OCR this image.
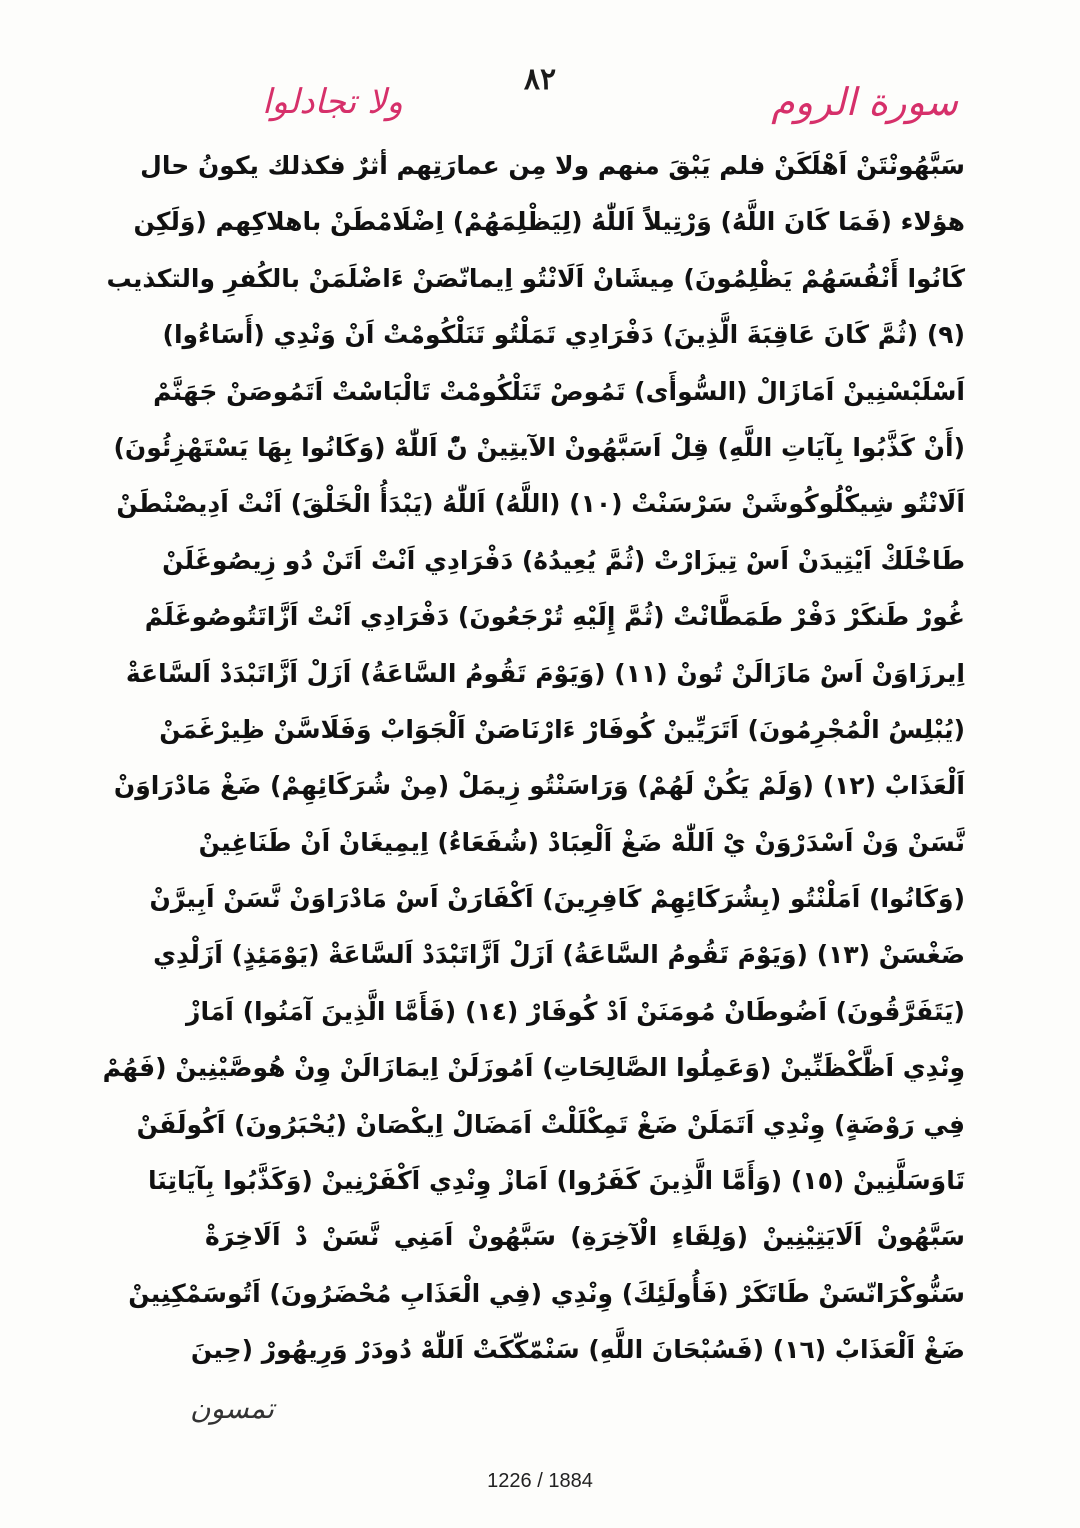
٨٢
سورة الروم
ولا تجادلوا
سَبَّهُونْتَنْ اَهْلَكَنْ فلم يَبْقَ منهم ولا مِن عمارَتِهم أثرٌ فكذلك يكونُ حال
هؤلاء (فَمَا كَانَ اللَّهُ) وَرْتِيلاً اَللّٰهُ (لِيَظْلِمَهُمْ) اِضْلَامْطَنْ باهلاكِهم (وَلَكِن
كَانُوا أَنْفُسَهُمْ يَظْلِمُونَ) مِيشَانْ اَلَانْتُو اِيمانّصَنْ ءَاضْلَمَنْ بالكُفرِ والتكذيب
(٩) (ثُمَّ كَانَ عَاقِبَةَ الَّذِينَ) دَفْرَادِي تَمَلْتُو تَنَلْكُومْتْ اَنْ وَنْدِي (أَسَاءُوا)
اَسْلَبْسْنِينْ اَمَازَالْ (السُّوأَى) تَمُوصْ تَنَلْكُومْتْ تَالْبَاسْتْ اَتَمُوصَنْ جَهَنَّمْ
(أَنْ كَذَّبُوا بِآيَاتِ اللَّهِ) قِلْ اَسَبَّهُونْ الآيتِينْ نّْ اَللّٰهْ (وَكَانُوا بِهَا يَسْتَهْزِئُونَ)
اَلَانْتُو شِيكْلُوكُوشَنْ سَرْسَنْتْ (١٠) (اللَّهُ) اَللّٰهُ (يَبْدَأُ الْخَلْقَ) اَنْتْ اَدِيصْنْطَنْ
طَاخْلَكْ اَيْتِيدَنْ اَسْ تِيزَارْتْ (ثُمَّ يُعِيدُهُ) دَفْرَادِي اَنْتْ اَتَنْ دُو زِيصُوغَلَنْ
غُورْ طَنكَرْ دَفْرْ طَمَطَّانْتْ (ثُمَّ إِلَيْهِ تُرْجَعُونَ) دَفْرَادِي اَنْتْ اَزَّاتَتُوصُوغَلَمْ
اِيرزَاوَنْ اَسْ مَازَالَنْ تُونْ (١١) (وَيَوْمَ تَقُومُ السَّاعَةُ) اَزَلْ اَزَّاتَبْدَدْ اَلسَّاعَةْ
(يُبْلِسُ الْمُجْرِمُونَ) اَتَرَيِّينْ كُوفَارْ ءَارْنَاصَنْ اَلْجَوَابْ وَفَلَاسَّنْ ظِيرْغَمَنْ
اَلْعَذَابْ (١٢) (وَلَمْ يَكُنْ لَهُمْ) وَرَاسَنْتُو زِيمَلْ (مِنْ شُرَكَائِهِمْ) ضَغْ مَادْرَاوَنْ
نَّسَنْ وَنْ اَسْدَرْوَنْ يْ اَللّٰهْ ضَغْ اَلْعِبَادْ (شُفَعَاءُ) اِيمِيغَانْ اَنْ طَنَاغِينْ
(وَكَانُوا) اَمَلْنْتُو (بِشُرَكَائِهِمْ كَافِرِينَ) اَكْفَارَنْ اَسْ مَادْرَاوَنْ نَّسَنْ اَبِيرَّنْ
ضَغْسَنْ (١٣) (وَيَوْمَ تَقُومُ السَّاعَةُ) اَزَلْ اَزَّاتَبْدَدْ اَلسَّاعَةْ (يَوْمَئِذٍ) اَزَلْدِي
(يَتَفَرَّقُونَ) اَضُوطَانْ مُومَنَنْ اَدْ كُوفَارْ (١٤) (فَأَمَّا الَّذِينَ آمَنُوا) اَمَازْ
وِنْدِي اَظَّكْظَنِّينْ (وَعَمِلُوا الصَّالِحَاتِ) اَمُوزَلَنْ اِيمَازَالَنْ وِنْ هُوصَّيْنِينْ (فَهُمْ
فِي رَوْضَةٍ) وِنْدِي اَتَمَلَنْ ضَغْ تَمِكْلَلْتْ اَمَضَالْ اِيكْصَانْ (يُحْبَرُونَ) اَكُولَفَنْ
تَاوَسَلَّنِينْ (١٥) (وَأَمَّا الَّذِينَ كَفَرُوا) اَمَازْ وِنْدِي اَكْفَرْنِينْ (وَكَذَّبُوا بِآيَاتِنَا
سَبَّهُونْ اَلَايَتِيْنِينْ (وَلِقَاءِ الْآخِرَةِ) سَبَّهُونْ اَمَنِي نَّسَنْ دْ اَلَاخِرَةْ
سَنُّوكْرَانّسَنْ طَاتَكَرْ (فَأُولَئِكَ) وِنْدِي (فِي الْعَذَابِ مُحْضَرُونَ) اَتُوسَمْكِنِينْ
ضَغْ اَلْعَذَابْ (١٦) (فَسُبْحَانَ اللَّهِ) سَنْمّكّكَتْ اَللّٰهْ دُودَرْ وَرِيهُورْ (حِينَ
تمسون
1226 / 1884
